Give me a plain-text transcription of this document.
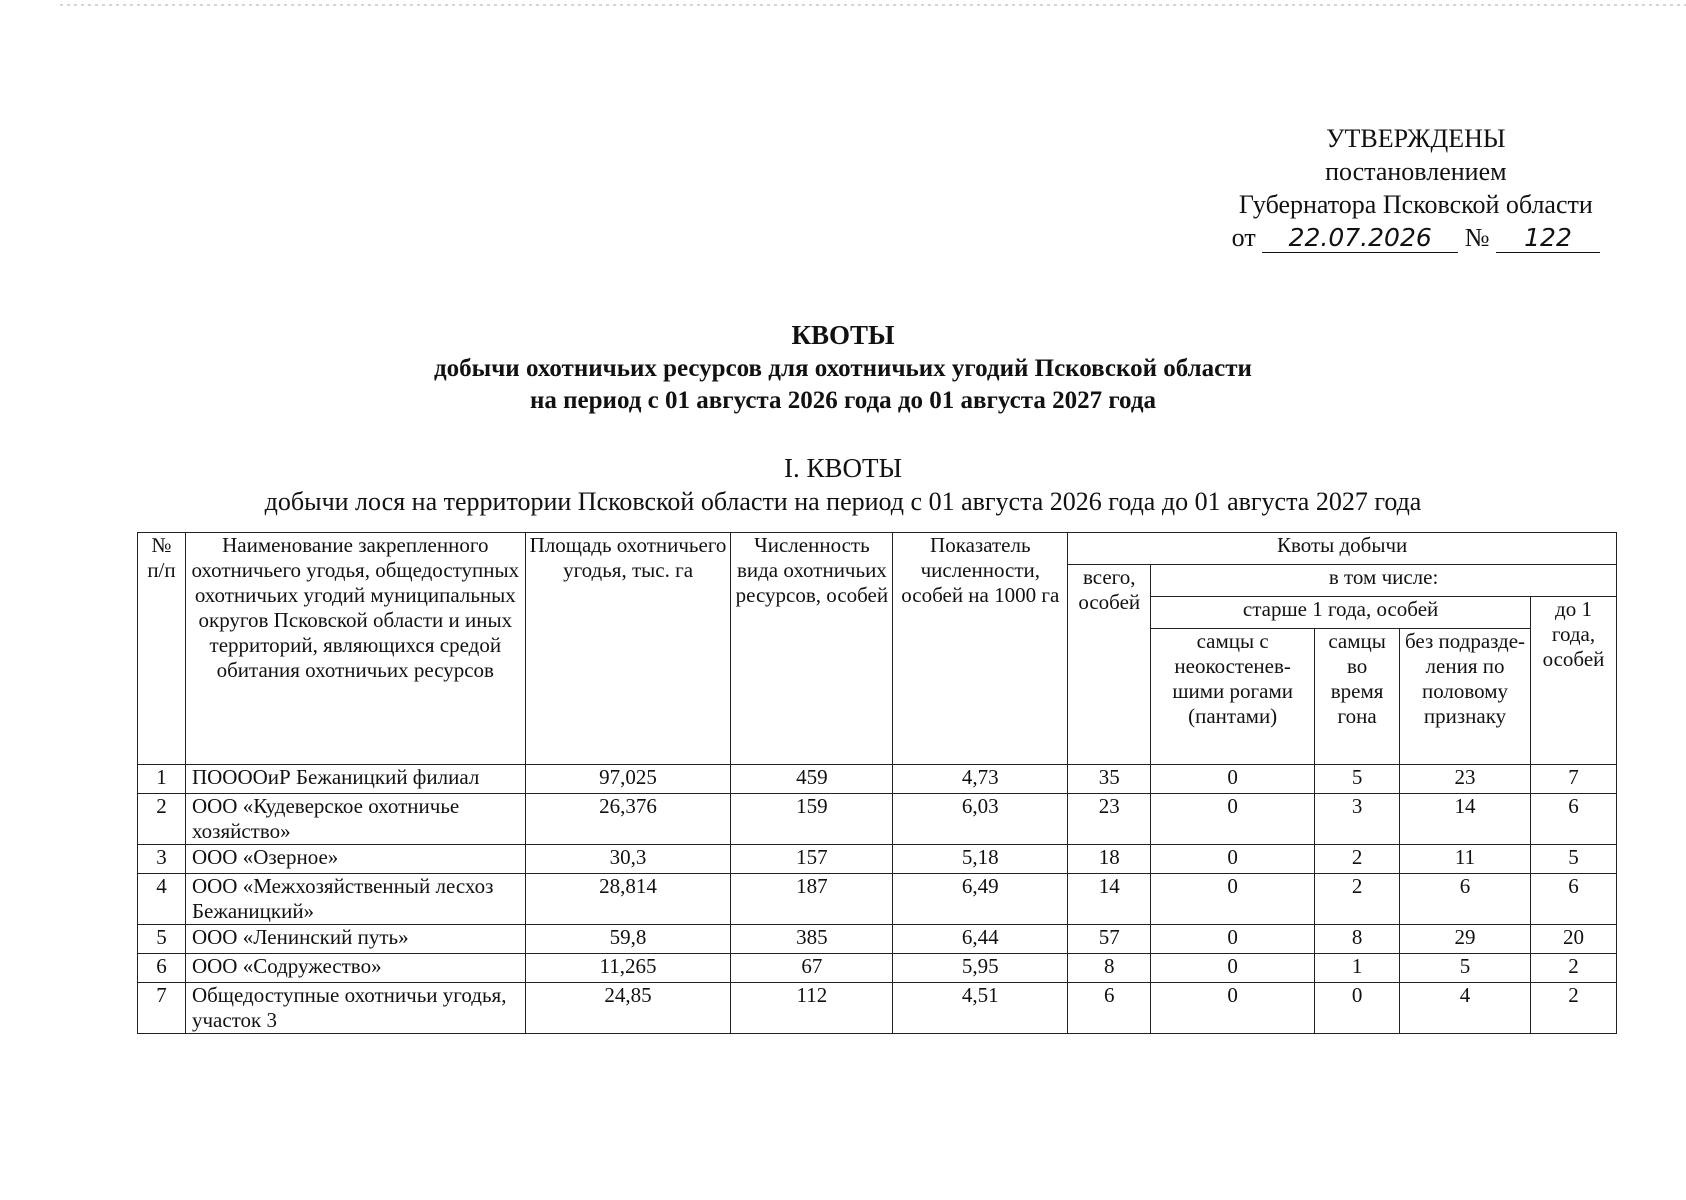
УТВЕРЖДЕНЫ
постановлением
Губернатора Псковской области
от 22.07.2026 № 122
КВОТЫ
добычи охотничьих ресурсов для охотничьих угодий Псковской области
на период с 01 августа 2026 года до 01 августа 2027 года
I. КВОТЫ
добычи лося на территории Псковской области на период с 01 августа 2026 года до 01 августа 2027 года
№ п/п	Наименование закрепленного охотничьего угодья, общедоступных охотничьих угодий муниципальных округов Псковской области и иных территорий, являющихся средой обитания охотничьих ресурсов	Площадь охотничьего угодья, тыс. га	Численность вида охотничьих ресурсов, особей	Показатель численности, особей на 1000 га	Квоты добычи				
					всего, особей	в том числе:			
						старше 1 года, особей			до 1 года, особей
						самцы с неокостенев-шими рогами (пантами)	самцы во время гона	без подразде-ления по половому признаку	
1	ПООООиР Бежаницкий филиал	97,025	459	4,73	35	0	5	23	7
2	ООО «Кудеверское охотничье хозяйство»	26,376	159	6,03	23	0	3	14	6
3	ООО «Озерное»	30,3	157	5,18	18	0	2	11	5
4	ООО «Межхозяйственный лесхоз Бежаницкий»	28,814	187	6,49	14	0	2	6	6
5	ООО «Ленинский путь»	59,8	385	6,44	57	0	8	29	20
6	ООО «Содружество»	11,265	67	5,95	8	0	1	5	2
7	Общедоступные охотничьи угодья, участок 3	24,85	112	4,51	6	0	0	4	2
